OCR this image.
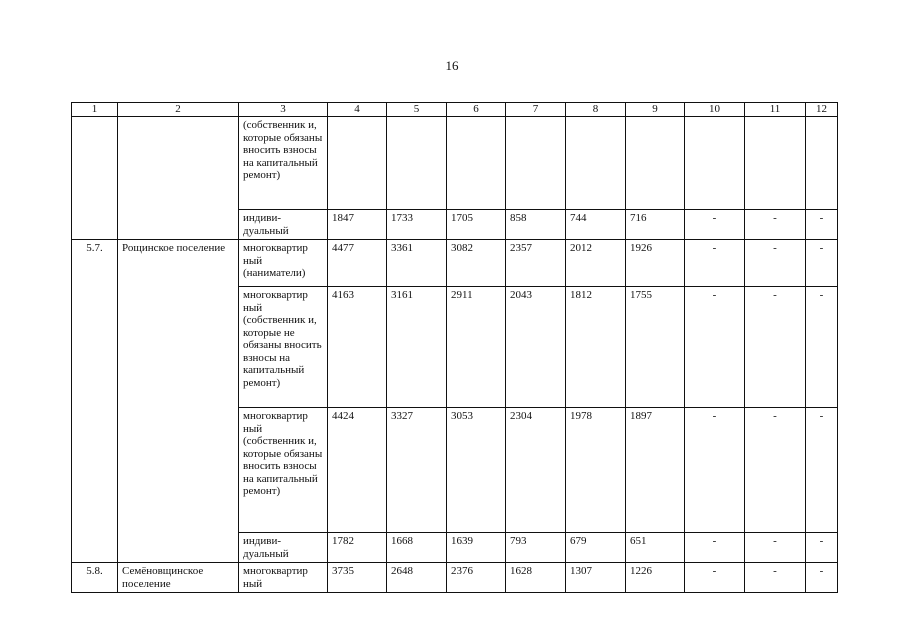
16
1	2	3	4	5	6	7	8	9	10	11	12
		(собственник и, которые обязаны вносить взносы на капитальный ремонт)									
		индиви- дуальный	1847	1733	1705	858	744	716	-	-	-
5.7.	Рощинское поселение	многоквартир ный (наниматели)	4477	3361	3082	2357	2012	1926	-	-	-
		многоквартир ный (собственник и, которые не обязаны вносить взносы на капитальный ремонт)	4163	3161	2911	2043	1812	1755	-	-	-
		многоквартир ный (собственник и, которые обязаны вносить взносы на капитальный ремонт)	4424	3327	3053	2304	1978	1897	-	-	-
		индиви- дуальный	1782	1668	1639	793	679	651	-	-	-
5.8.	Семёновщинское поселение	многоквартир ный	3735	2648	2376	1628	1307	1226	-	-	-
